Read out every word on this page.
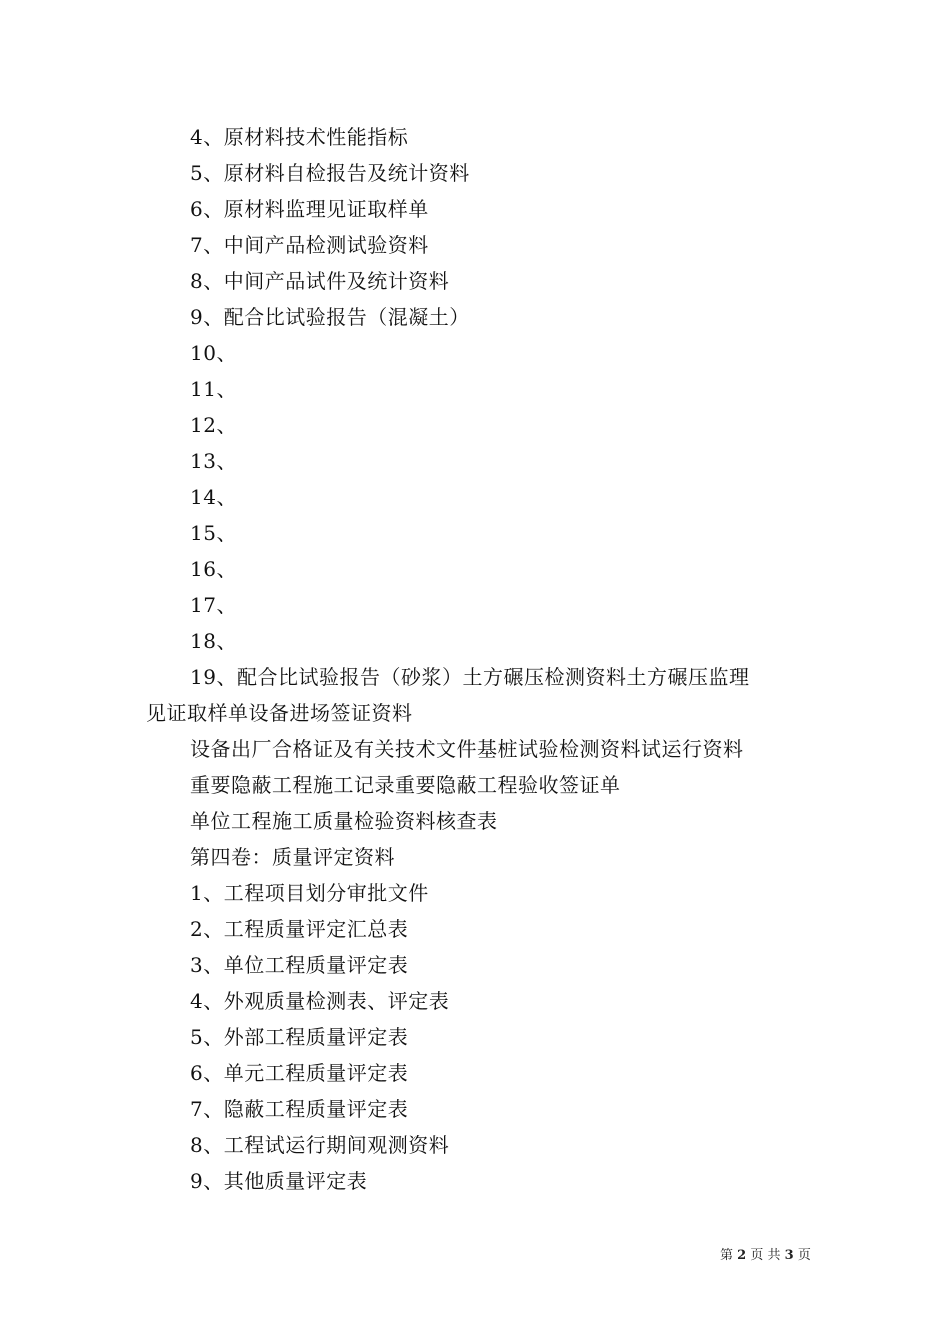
4、原材料技术性能指标
5、原材料自检报告及统计资料
6、原材料监理见证取样单
7、中间产品检测试验资料
8、中间产品试件及统计资料
9、配合比试验报告（混凝土）
10、
11、
12、
13、
14、
15、
16、
17、
18、
19、配合比试验报告（砂浆）土方碾压检测资料土方碾压监理
见证取样单设备进场签证资料
设备出厂合格证及有关技术文件基桩试验检测资料试运行资料
重要隐蔽工程施工记录重要隐蔽工程验收签证单
单位工程施工质量检验资料核查表
第四卷：质量评定资料
1、工程项目划分审批文件
2、工程质量评定汇总表
3、单位工程质量评定表
4、外观质量检测表、评定表
5、外部工程质量评定表
6、单元工程质量评定表
7、隐蔽工程质量评定表
8、工程试运行期间观测资料
9、其他质量评定表
第 2 页 共 3 页
